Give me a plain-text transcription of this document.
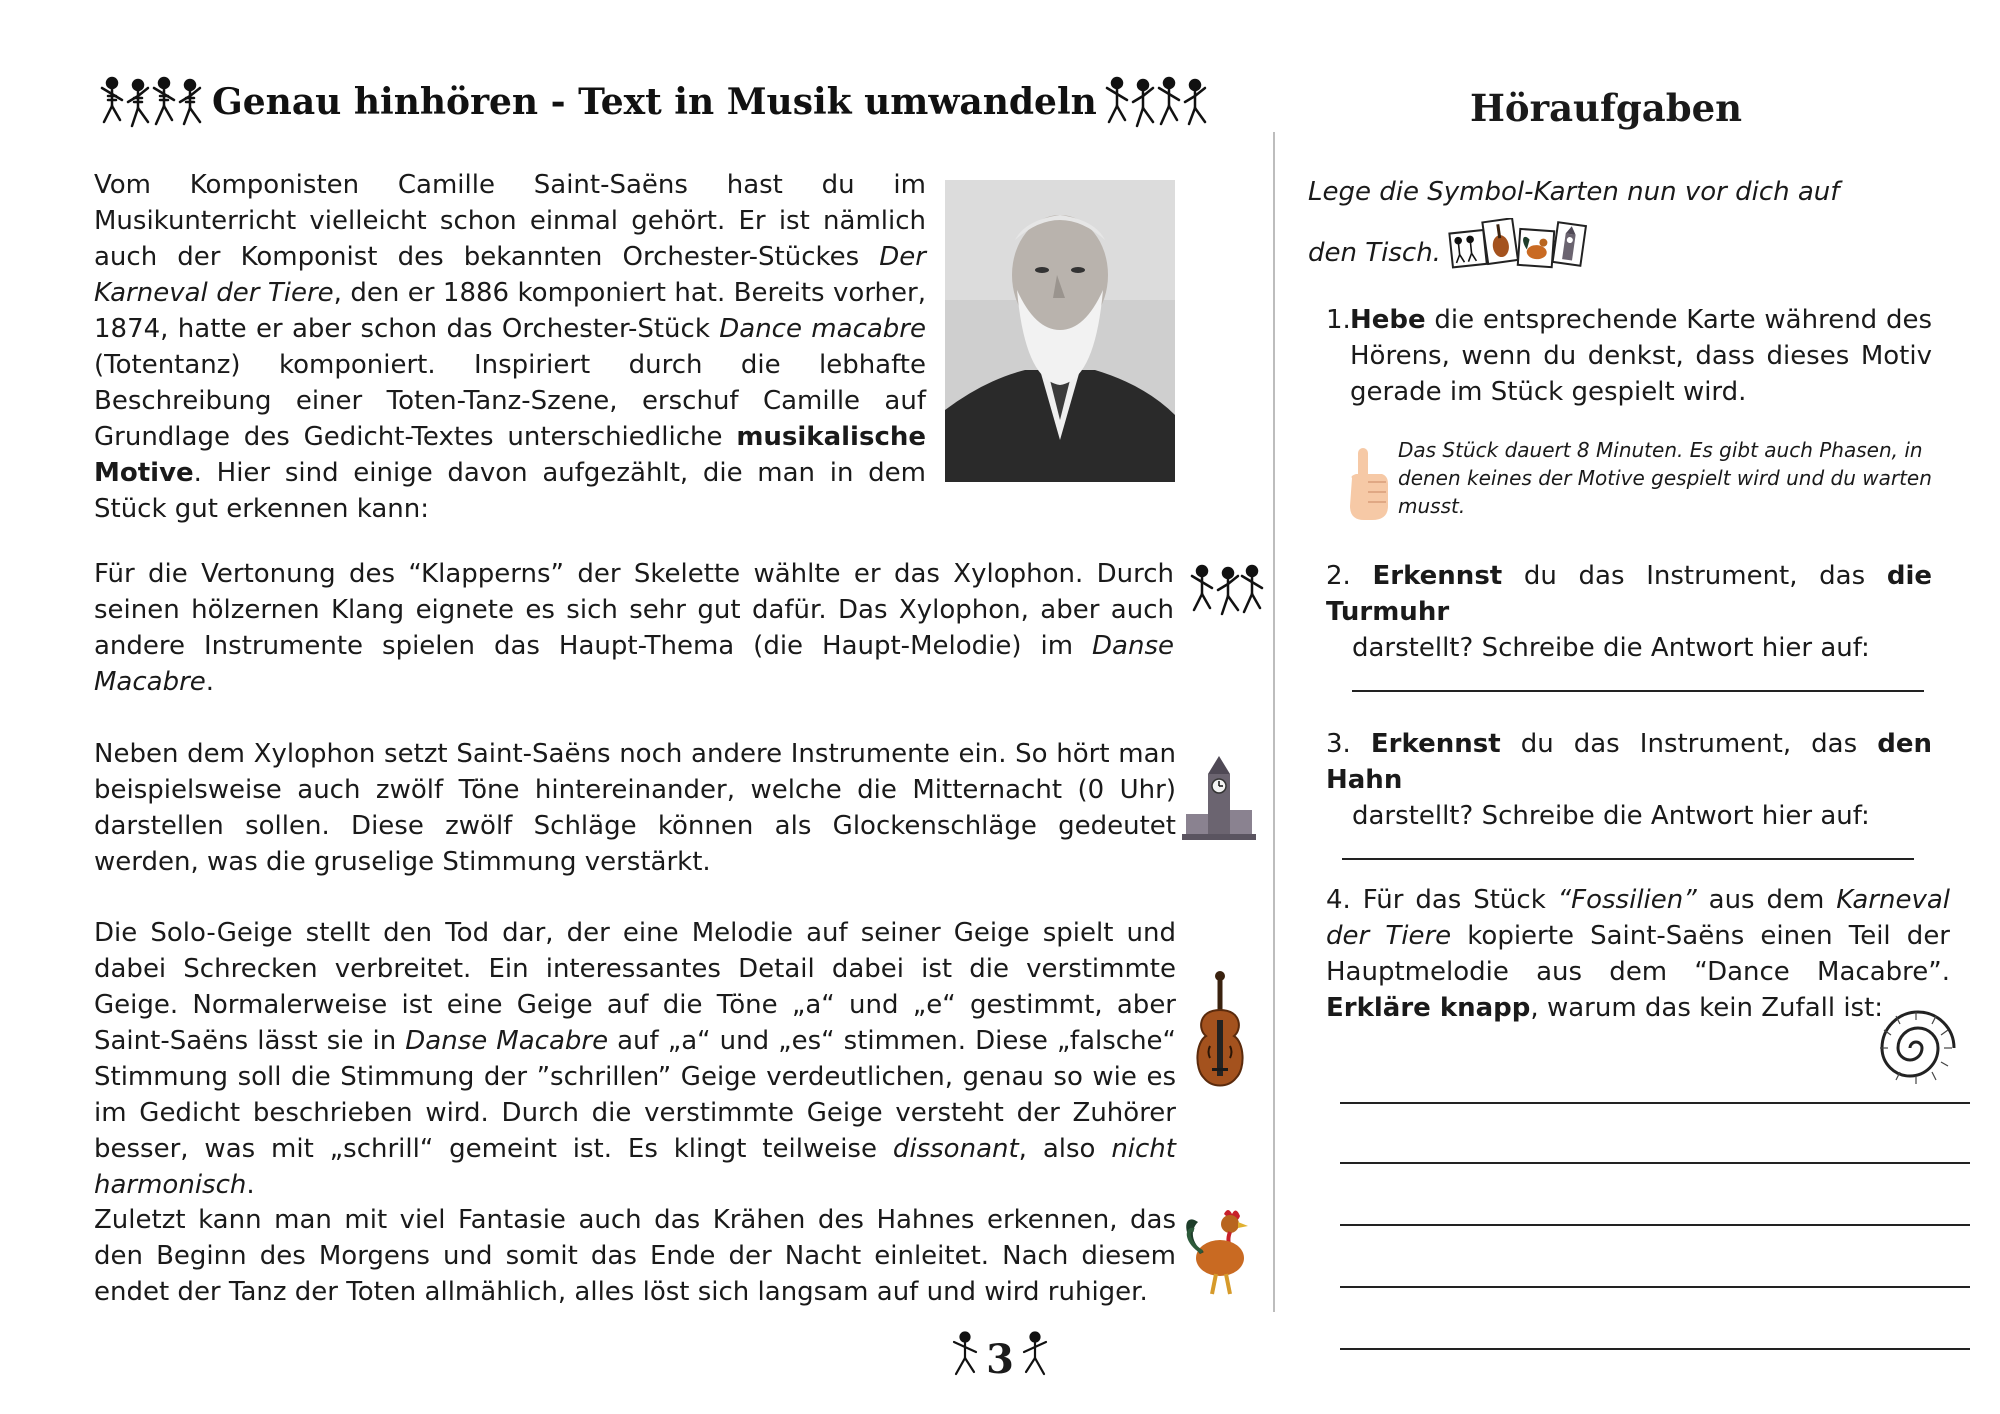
Genau hinhören - Text in Musik umwandeln	Höraufgaben
Vom Komponisten Camille Saint-Saëns hast du im Musikunterricht vielleicht schon einmal gehört. Er ist nämlich auch der Komponist des bekannten Orchester-Stückes Der Karneval der Tiere, den er 1886 komponiert hat. Bereits vorher, 1874, hatte er aber schon das Orchester-Stück Dance macabre (Totentanz) komponiert. Inspiriert durch die lebhafte Beschreibung einer Toten-Tanz-Szene, erschuf Camille auf Grundlage des Gedicht-Textes unterschiedliche musikalische Motive. Hier sind einige davon aufgezählt, die man in dem Stück gut erkennen kann:
Für die Vertonung des “Klapperns” der Skelette wählte er das Xylophon. Durch seinen hölzernen Klang eignete es sich sehr gut dafür. Das Xylophon, aber auch andere Instrumente spielen das Haupt-Thema (die Haupt-Melodie) im Danse Macabre.
Neben dem Xylophon setzt Saint-Saëns noch andere Instrumente ein. So hört man beispielsweise auch zwölf Töne hintereinander, welche die Mitternacht (0 Uhr) darstellen sollen. Diese zwölf Schläge können als Glockenschläge gedeutet werden, was die gruselige Stimmung verstärkt.
Die Solo-Geige stellt den Tod dar, der eine Melodie auf seiner Geige spielt und dabei Schrecken verbreitet. Ein interessantes Detail dabei ist die verstimmte Geige. Normalerweise ist eine Geige auf die Töne „a“ und „e“ gestimmt, aber Saint-Saëns lässt sie in Danse Macabre auf „a“ und „es“ stimmen. Diese „falsche“ Stimmung soll die Stimmung der ”schrillen” Geige verdeutlichen, genau so wie es im Gedicht beschrieben wird. Durch die verstimmte Geige versteht der Zuhörer besser, was mit „schrill“ gemeint ist. Es klingt teilweise dissonant, also nicht harmonisch.
Zuletzt kann man mit viel Fantasie auch das Krähen des Hahnes erkennen, das den Beginn des Morgens und somit das Ende der Nacht einleitet. Nach diesem endet der Tanz der Toten allmählich, alles löst sich langsam auf und wird ruhiger.
Lege die Symbol-Karten nun vor dich auf
den Tisch.
1. Hebe die entsprechende Karte während des Hörens, wenn du denkst, dass dieses Motiv gerade im Stück gespielt wird.
Das Stück dauert 8 Minuten. Es gibt auch Phasen, in denen keines der Motive gespielt wird und du warten musst.
2. Erkennst du das Instrument, das die Turmuhr
darstellt? Schreibe die Antwort hier auf:
3. Erkennst du das Instrument, das den Hahn
darstellt? Schreibe die Antwort hier auf:
4. Für das Stück “Fossilien” aus dem Karneval der Tiere kopierte Saint-Saëns einen Teil der Hauptmelodie aus dem “Dance Macabre”. Erkläre knapp, warum das kein Zufall ist:
3
